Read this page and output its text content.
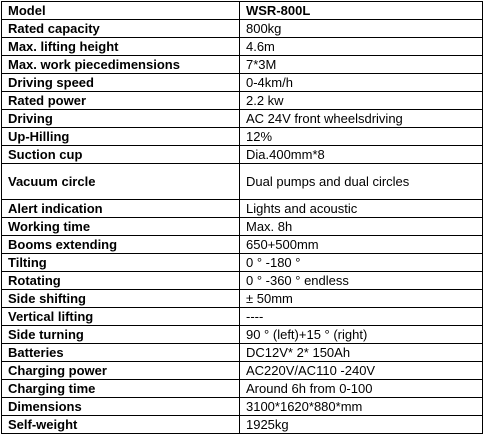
Model	WSR-800L
Rated capacity	800kg
Max. lifting height	4.6m
Max. work piecedimensions	7*3M
Driving speed	0-4km/h
Rated power	2.2 kw
Driving	AC 24V front wheelsdriving
Up-Hilling	12%
Suction cup	Dia.400mm*8
Vacuum circle	Dual pumps and dual circles
Alert indication	Lights and acoustic
Working time	Max. 8h
Booms extending	650+500mm
Tilting	0 ° -180 °
Rotating	0 ° -360 ° endless
Side shifting	± 50mm
Vertical lifting	----
Side turning	90 ° (left)+15 ° (right)
Batteries	DC12V* 2* 150Ah
Charging power	AC220V/AC110 -240V
Charging time	Around 6h from 0-100
Dimensions	3100*1620*880*mm
Self-weight	1925kg
